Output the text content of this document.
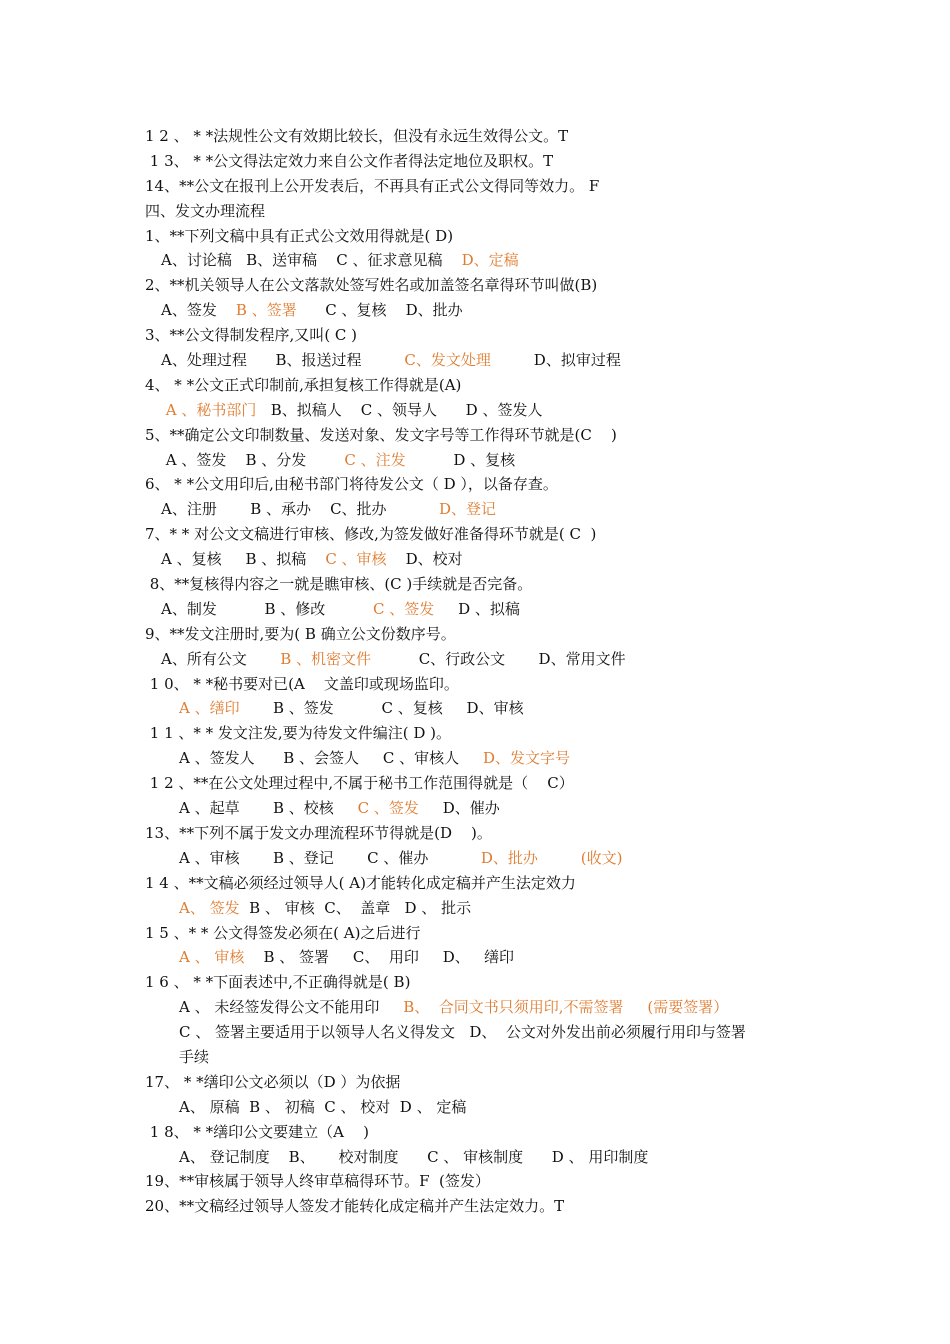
1 2 、 * *法规性公文有效期比较长，但没有永远生效得公文。T
1 3、 * *公文得法定效力来自公文作者得法定地位及职权。T
14、**公文在报刊上公开发表后，不再具有正式公文得同等效力。 F
四、发文办理流程
1、**下列文稿中具有正式公文效用得就是( D)
A、讨论稿   B、送审稿    C 、征求意见稿    D、定稿
2、**机关领导人在公文落款处签写姓名或加盖签名章得环节叫做(B)
A、签发    B 、签署      C 、复核    D、批办
3、**公文得制发程序,又叫( C )
A、处理过程      B、报送过程         C、发文处理         D、拟审过程
4、 * *公文正式印制前,承担复核工作得就是(A)
A 、秘书部门   B、拟稿人    C 、领导人      D 、签发人
5、**确定公文印制数量、发送对象、发文字号等工作得环节就是(C    )
A 、签发    B 、分发        C 、注发          D 、复核
6、 * *公文用印后,由秘书部门将待发公文（ D ），以备存查。
A、注册       B 、承办    C、批办           D、登记
7、* * 对公文文稿进行审核、修改,为签发做好准备得环节就是( C  )
A 、复核     B 、拟稿    C 、审核    D、校对
8、**复核得内容之一就是瞧审核、(C )手续就是否完备。
A、制发          B 、修改          C 、签发     D 、拟稿
9、**发文注册时,要为( B 确立公文份数序号。
A、所有公文       B 、机密文件          C、行政公文       D、常用文件
1 0、 * *秘书要对已(A    文盖印或现场监印。
A 、缮印       B 、签发          C 、复核     D、审核
1 1 、* * 发文注发,要为待发文件编注( D )。
A 、签发人      B 、会签人     C 、审核人     D、发文字号
1 2 、**在公文处理过程中,不属于秘书工作范围得就是（    C）
A 、起草       B 、校核     C 、签发     D、催办
13、**下列不属于发文办理流程环节得就是(D    )。
A 、审核       B 、登记       C 、催办           D、批办	(收文)
1 4 、**文稿必须经过领导人( A)才能转化成定稿并产生法定效力
A、 签发  B 、 审核  C、  盖章   D 、 批示
1 5 、* * 公文得签发必须在( A)之后进行
A 、 审核    B 、 签署     C、  用印     D、   缮印
1 6 、 * *下面表述中,不正确得就是( B)
A 、 未经签发得公文不能用印     B、  合同文书只须用印,不需签署     (需要签署）
C 、 签署主要适用于以领导人名义得发文   D、  公文对外发出前必须履行用印与签署
手续
17、 * *缮印公文必须以（D ）为依据
A、 原稿  B 、 初稿  C 、 校对  D 、 定稿
1 8、 * *缮印公文要建立（A    )
A、 登记制度    B、     校对制度      C 、 审核制度      D 、 用印制度
19、**审核属于领导人终审草稿得环节。F  (签发）
20、**文稿经过领导人签发才能转化成定稿并产生法定效力。T
